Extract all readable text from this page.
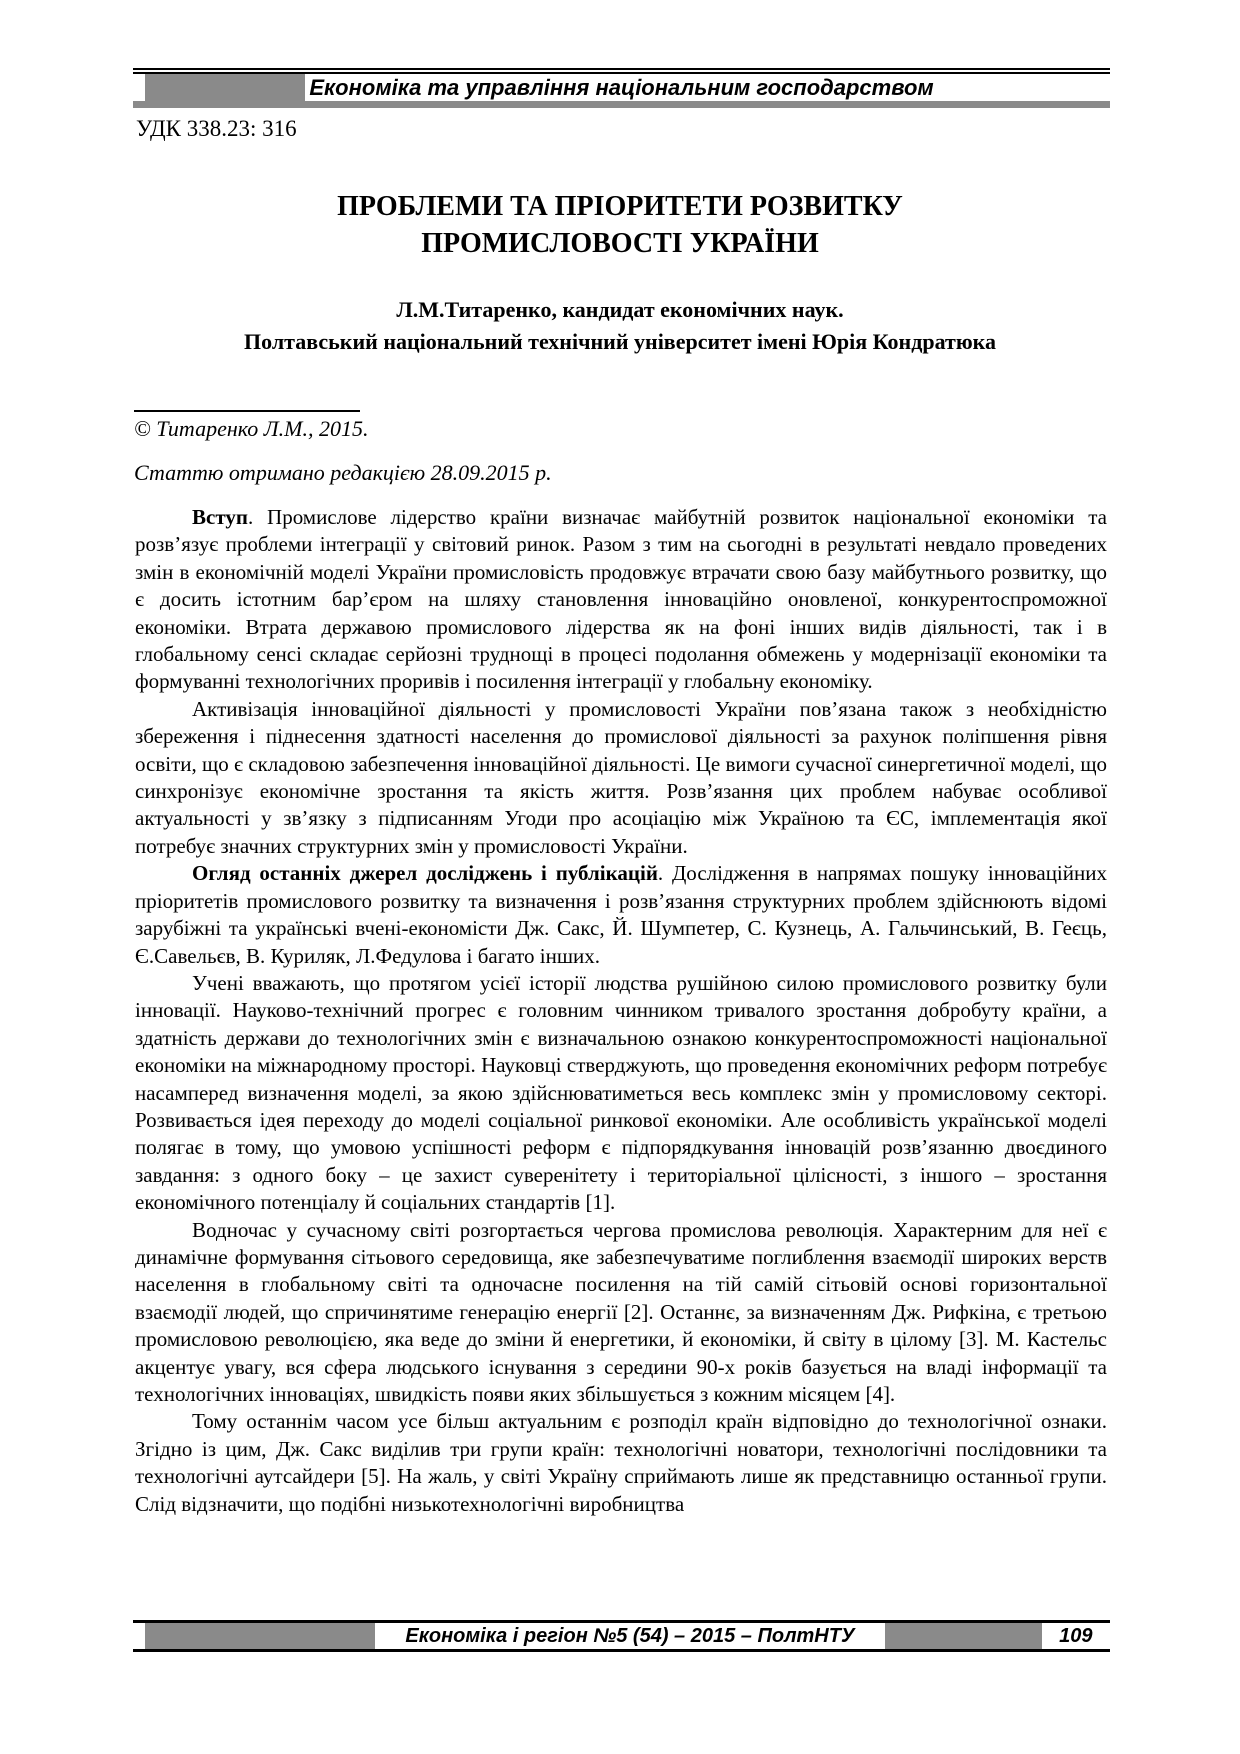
Економіка та управління національним господарством
УДК 338.23: 316
ПРОБЛЕМИ ТА ПРІОРИТЕТИ РОЗВИТКУ
ПРОМИСЛОВОСТІ УКРАЇНИ
Л.М.Титаренко, кандидат економічних наук.
Полтавський національний технічний університет імені Юрія Кондратюка
© Титаренко Л.М., 2015.
Статтю отримано редакцією 28.09.2015 р.

Вступ. Промислове лідерство країни визначає майбутній розвиток національної економіки та розв’язує проблеми інтеграції у світовий ринок. Разом з тим на сьогодні в результаті невдало проведених змін в економічній моделі України промисловість продовжує втрачати свою базу майбутнього розвитку, що є досить істотним бар’єром на шляху становлення інноваційно оновленої, конкурентоспроможної економіки. Втрата державою промислового лідерства як на фоні інших видів діяльності, так і в глобальному сенсі складає серйозні труднощі в процесі подолання обмежень у модернізації економіки та формуванні технологічних проривів і посилення інтеграції у глобальну економіку.

Активізація інноваційної діяльності у промисловості України пов’язана також з необхідністю збереження і піднесення здатності населення до промислової діяльності за рахунок поліпшення рівня освіти, що є складовою забезпечення інноваційної діяльності. Це вимоги сучасної синергетичної моделі, що синхронізує економічне зростання та якість життя. Розв’язання цих проблем набуває особливої актуальності у зв’язку з підписанням Угоди про асоціацію між Україною та ЄС, імплементація якої потребує значних структурних змін у промисловості України.

Огляд останніх джерел досліджень і публікацій. Дослідження в напрямах пошуку інноваційних пріоритетів промислового розвитку та визначення і розв’язання структурних проблем здійснюють відомі зарубіжні та українські вчені-економісти Дж. Сакс, Й. Шумпетер, С. Кузнець, А. Гальчинський, В. Геєць, Є.Савельєв, В. Куриляк, Л.Федулова і багато інших.

Учені вважають, що протягом усієї історії людства рушійною силою промислового розвитку були інновації. Науково-технічний прогрес є головним чинником тривалого зростання добробуту країни, а здатність держави до технологічних змін є визначальною ознакою конкурентоспроможності національної економіки на міжнародному просторі. Науковці стверджують, що проведення економічних реформ потребує насамперед визначення моделі, за якою здійснюватиметься весь комплекс змін у промисловому секторі. Розвивається ідея переходу до моделі соціальної ринкової економіки. Але особливість української моделі полягає в тому, що умовою успішності реформ є підпорядкування інновацій розв’язанню двоєдиного завдання: з одного боку – це захист суверенітету і територіальної цілісності, з іншого – зростання економічного потенціалу й соціальних стандартів [1].

Водночас у сучасному світі розгортається чергова промислова революція. Характерним для неї є динамічне формування сітьового середовища, яке забезпечуватиме поглиблення взаємодії широких верств населення в глобальному світі та одночасне посилення на тій самій сітьовій основі горизонтальної взаємодії людей, що спричинятиме генерацію енергії [2]. Останнє, за визначенням Дж. Рифкіна, є третьою промисловою революцією, яка веде до зміни й енергетики, й економіки, й світу в цілому [3]. М. Кастельс акцентує увагу, вся сфера людського існування з середини 90-х років базується на владі інформації та технологічних інноваціях, швидкість появи яких збільшується з кожним місяцем [4].

Тому останнім часом усе більш актуальним є розподіл країн відповідно до технологічної ознаки. Згідно із цим, Дж. Сакс виділив три групи країн: технологічні новатори, технологічні послідовники та технологічні аутсайдери [5]. На жаль, у світі Україну сприймають лише як представницю останньої групи. Слід відзначити, що подібні низькотехнологічні виробництва

Економіка і регіон №5 (54) – 2015 – ПолтНТУ	109
